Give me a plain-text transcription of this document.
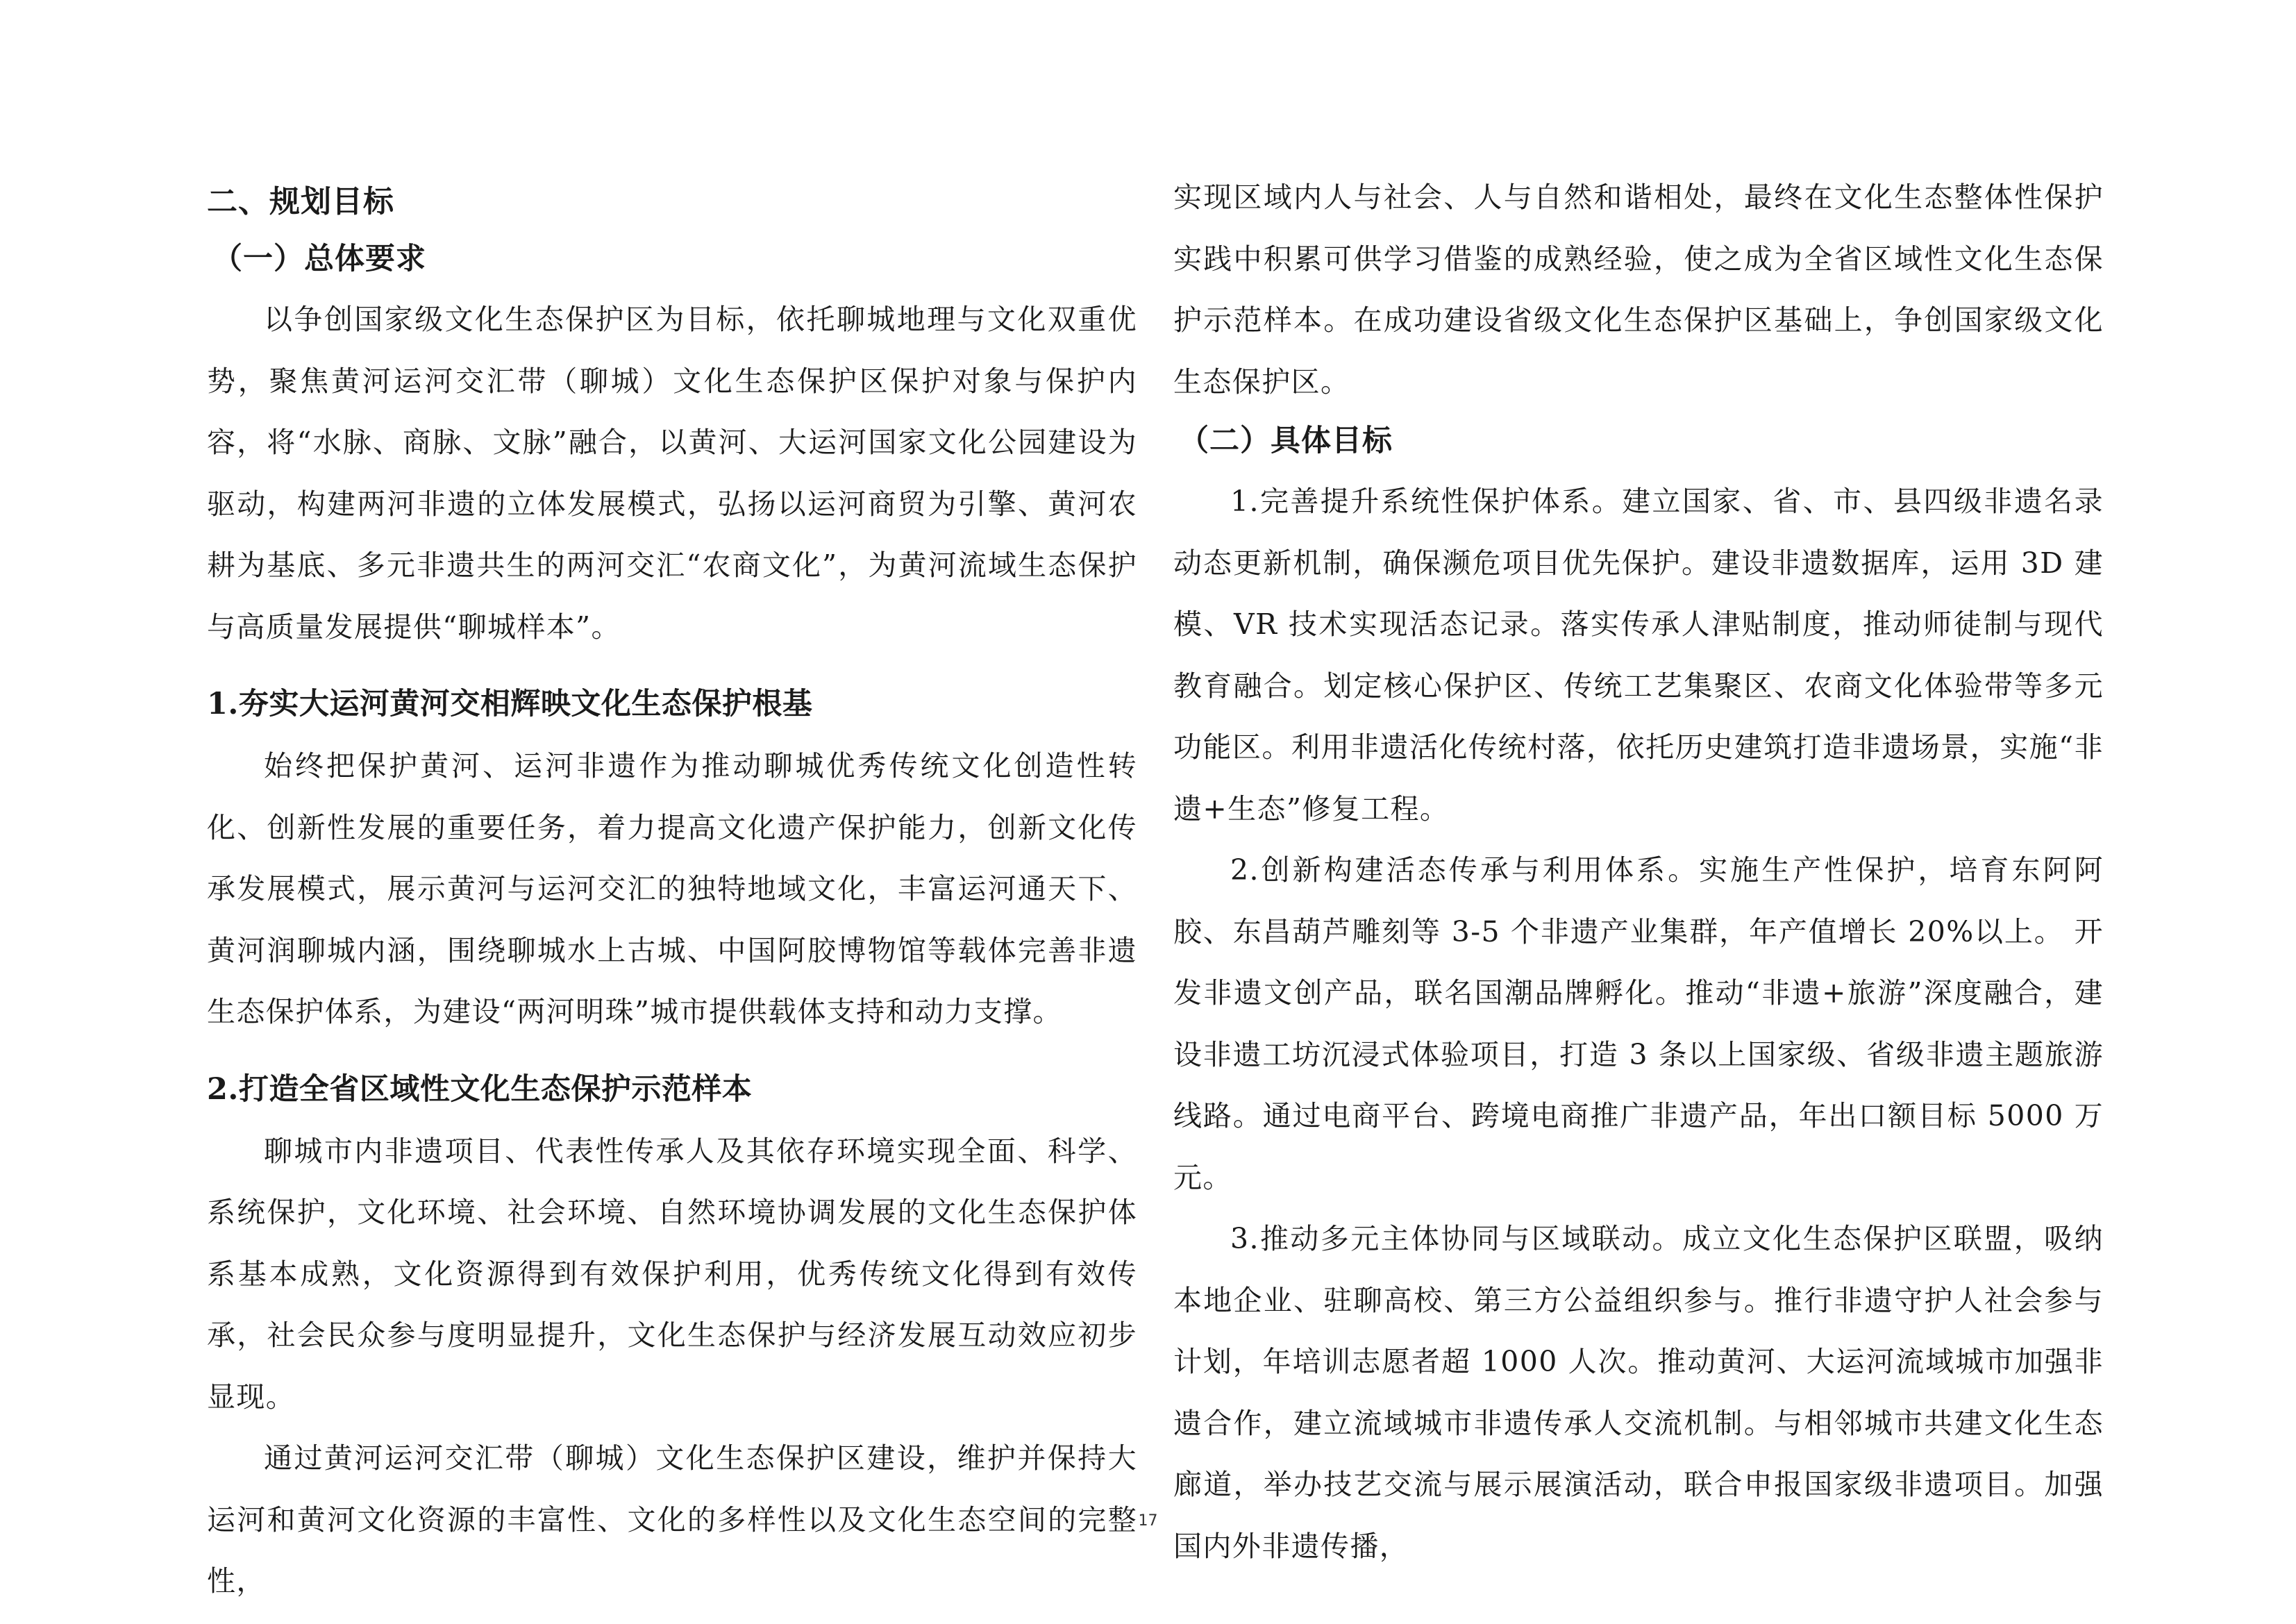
二、规划目标
（一）总体要求

以争创国家级文化生态保护区为目标，依托聊城地理与文化双重优势，聚焦黄河运河交汇带（聊城）文化生态保护区保护对象与保护内容，将“水脉、商脉、文脉”融合，以黄河、大运河国家文化公园建设为驱动，构建两河非遗的立体发展模式，弘扬以运河商贸为引擎、黄河农耕为基底、多元非遗共生的两河交汇“农商文化”，为黄河流域生态保护与高质量发展提供“聊城样本”。

1.夯实大运河黄河交相辉映文化生态保护根基

始终把保护黄河、运河非遗作为推动聊城优秀传统文化创造性转化、创新性发展的重要任务，着力提高文化遗产保护能力，创新文化传承发展模式，展示黄河与运河交汇的独特地域文化，丰富运河通天下、黄河润聊城内涵，围绕聊城水上古城、中国阿胶博物馆等载体完善非遗生态保护体系，为建设“两河明珠”城市提供载体支持和动力支撑。

2.打造全省区域性文化生态保护示范样本

聊城市内非遗项目、代表性传承人及其依存环境实现全面、科学、系统保护，文化环境、社会环境、自然环境协调发展的文化生态保护体系基本成熟，文化资源得到有效保护利用，优秀传统文化得到有效传承，社会民众参与度明显提升，文化生态保护与经济发展互动效应初步显现。

通过黄河运河交汇带（聊城）文化生态保护区建设，维护并保持大运河和黄河文化资源的丰富性、文化的多样性以及文化生态空间的完整性，

实现区域内人与社会、人与自然和谐相处，最终在文化生态整体性保护实践中积累可供学习借鉴的成熟经验，使之成为全省区域性文化生态保护示范样本。在成功建设省级文化生态保护区基础上，争创国家级文化生态保护区。

（二）具体目标

1.完善提升系统性保护体系。建立国家、省、市、县四级非遗名录动态更新机制，确保濒危项目优先保护。建设非遗数据库，运用 3D 建模、VR 技术实现活态记录。落实传承人津贴制度，推动师徒制与现代教育融合。划定核心保护区、传统工艺集聚区、农商文化体验带等多元功能区。利用非遗活化传统村落，依托历史建筑打造非遗场景，实施“非遗+生态”修复工程。

2.创新构建活态传承与利用体系。实施生产性保护，培育东阿阿胶、东昌葫芦雕刻等 3-5 个非遗产业集群，年产值增长 20%以上。 开发非遗文创产品，联名国潮品牌孵化。推动“非遗+旅游”深度融合，建设非遗工坊沉浸式体验项目，打造 3 条以上国家级、省级非遗主题旅游线路。通过电商平台、跨境电商推广非遗产品，年出口额目标 5000 万元。

3.推动多元主体协同与区域联动。成立文化生态保护区联盟，吸纳本地企业、驻聊高校、第三方公益组织参与。推行非遗守护人社会参与计划，年培训志愿者超 1000 人次。推动黄河、大运河流域城市加强非遗合作，建立流域城市非遗传承人交流机制。与相邻城市共建文化生态廊道，举办技艺交流与展示展演活动，联合申报国家级非遗项目。加强国内外非遗传播，

17
